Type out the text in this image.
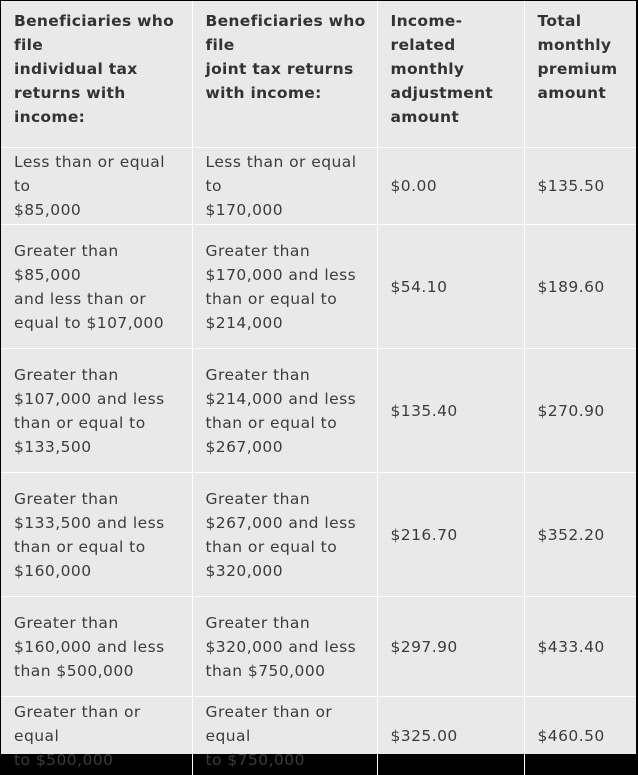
Beneficiaries who
file
individual tax
returns with income:	Beneficiaries who
file
joint tax returns
with income:	Income-related
monthly
adjustment
amount	Total
monthly
premium
amount

Less than or equal to
$85,000	Less than or equal to
$170,000	$0.00	$135.50

Greater than $85,000
and less than or
equal to $107,000	Greater than
$170,000 and less
than or equal to
$214,000	$54.10	$189.60

Greater than
$107,000 and less
than or equal to
$133,500	Greater than
$214,000 and less
than or equal to
$267,000	$135.40	$270.90

Greater than
$133,500 and less
than or equal to
$160,000	Greater than
$267,000 and less
than or equal to
$320,000	$216.70	$352.20

Greater than
$160,000 and less
than $500,000	Greater than
$320,000 and less
than $750,000	$297.90	$433.40

Greater than or equal
to $500,000	Greater than or equal
to $750,000	$325.00	$460.50
